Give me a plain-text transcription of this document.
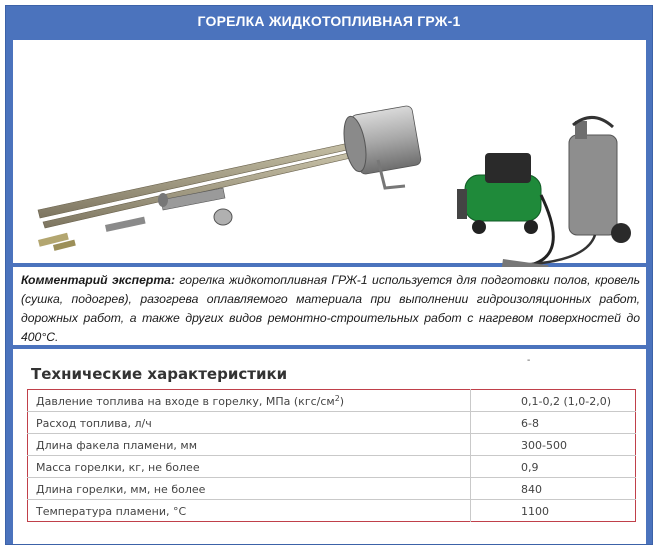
ГОРЕЛКА ЖИДКОТОПЛИВНАЯ ГРЖ-1
Комментарий эксперта: горелка жидкотопливная ГРЖ-1 используется для подготовки полов, кровель (сушка, подогрев), разогрева оплавляемого материала при выполнении гидроизоляционных работ, дорожных работ, а также других видов ремонтно-строительных работ с нагревом поверхностей до 400°С.
-
Технические характеристики
Давление топлива на входе в горелку, МПа $(кгс/см^2)$	0,1-0,2 (1,0-2,0)
Расход топлива, л/ч	6-8
Длина факела пламени, мм	300-500
Масса горелки, кг, не более	0,9
Длина горелки, мм, не более	840
Температура пламени, °С	1100
